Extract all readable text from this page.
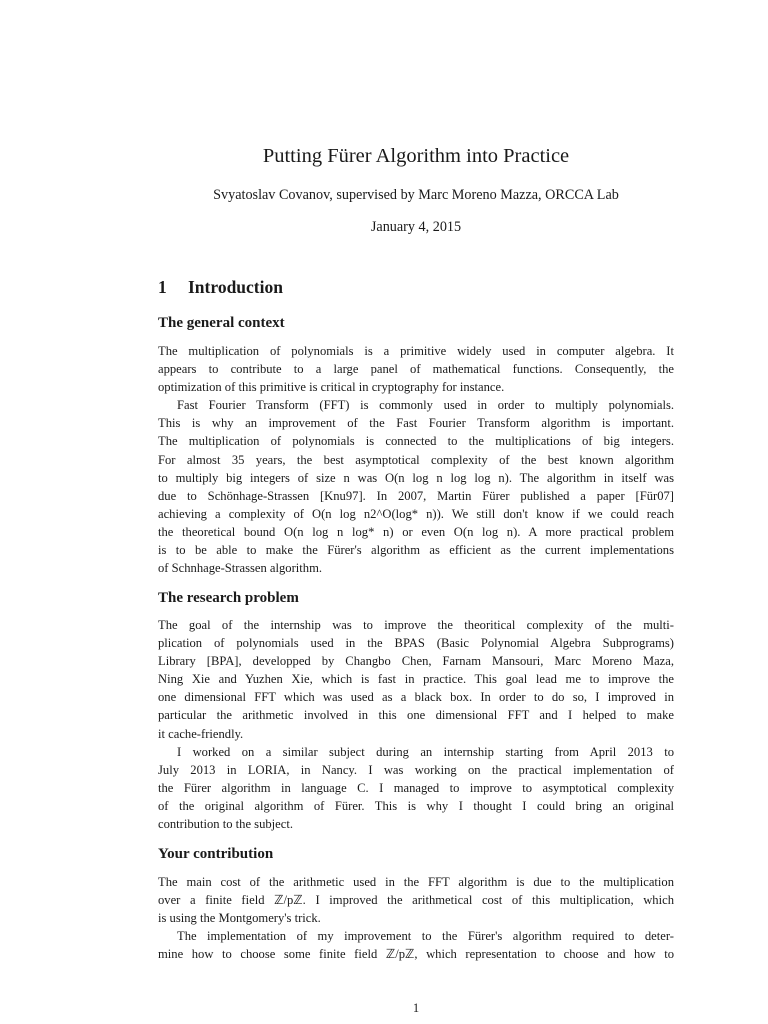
Putting Fürer Algorithm into Practice
Svyatoslav Covanov, supervised by Marc Moreno Mazza, ORCCA Lab
January 4, 2015
1 Introduction
The general context
The multiplication of polynomials is a primitive widely used in computer algebra. It
appears to contribute to a large panel of mathematical functions. Consequently, the
optimization of this primitive is critical in cryptography for instance.
Fast Fourier Transform (FFT) is commonly used in order to multiply polynomials.
This is why an improvement of the Fast Fourier Transform algorithm is important.
The multiplication of polynomials is connected to the multiplications of big integers.
For almost 35 years, the best asymptotical complexity of the best known algorithm
to multiply big integers of size n was O(n log n log log n). The algorithm in itself was
due to Schönhage-Strassen [Knu97]. In 2007, Martin Fürer published a paper [Für07]
achieving a complexity of O(n log n2^O(log* n)). We still don't know if we could reach
the theoretical bound O(n log n log* n) or even O(n log n). A more practical problem
is to be able to make the Fürer's algorithm as efficient as the current implementations
of Schnhage-Strassen algorithm.
The research problem
The goal of the internship was to improve the theoritical complexity of the multi-
plication of polynomials used in the BPAS (Basic Polynomial Algebra Subprograms)
Library [BPA], developped by Changbo Chen, Farnam Mansouri, Marc Moreno Maza,
Ning Xie and Yuzhen Xie, which is fast in practice. This goal lead me to improve the
one dimensional FFT which was used as a black box. In order to do so, I improved in
particular the arithmetic involved in this one dimensional FFT and I helped to make
it cache-friendly.
I worked on a similar subject during an internship starting from April 2013 to
July 2013 in LORIA, in Nancy. I was working on the practical implementation of
the Fürer algorithm in language C. I managed to improve to asymptotical complexity
of the original algorithm of Fürer. This is why I thought I could bring an original
contribution to the subject.
Your contribution
The main cost of the arithmetic used in the FFT algorithm is due to the multiplication
over a finite field ℤ/pℤ. I improved the arithmetical cost of this multiplication, which
is using the Montgomery's trick.
The implementation of my improvement to the Fürer's algorithm required to deter-
mine how to choose some finite field ℤ/pℤ, which representation to choose and how to
1
